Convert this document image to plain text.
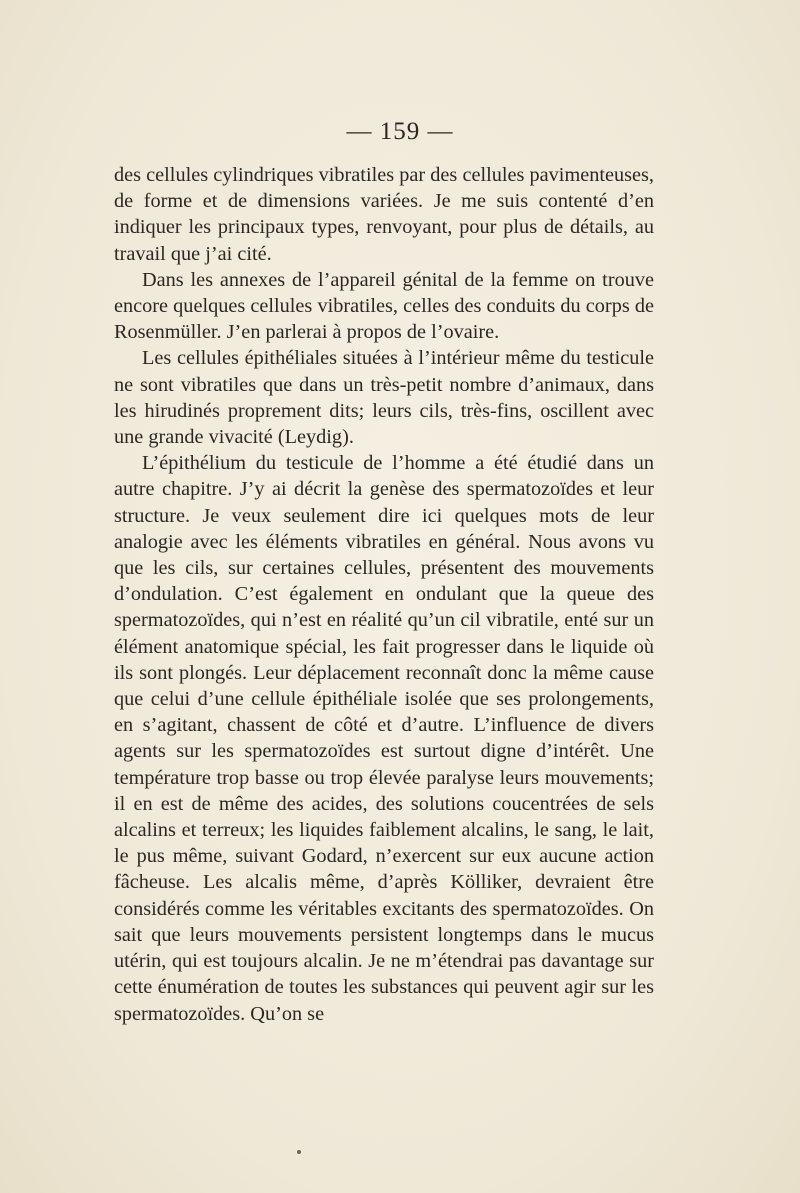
— 159 —

des cellules cylindriques vibratiles par des cellules pavimenteuses, de forme et de dimensions variées. Je me suis contenté d’en indiquer les principaux types, renvoyant, pour plus de détails, au travail que j’ai cité.

Dans les annexes de l’appareil génital de la femme on trouve encore quelques cellules vibratiles, celles des conduits du corps de Rosenmüller. J’en parlerai à propos de l’ovaire.

Les cellules épithéliales situées à l’intérieur même du testicule ne sont vibratiles que dans un très-petit nombre d’animaux, dans les hirudinés proprement dits; leurs cils, très-fins, oscillent avec une grande vivacité (Leydig).

L’épithélium du testicule de l’homme a été étudié dans un autre chapitre. J’y ai décrit la genèse des spermatozoïdes et leur structure. Je veux seulement dire ici quelques mots de leur analogie avec les éléments vibratiles en général. Nous avons vu que les cils, sur certaines cellules, présentent des mouvements d’ondulation. C’est également en ondulant que la queue des spermatozoïdes, qui n’est en réalité qu’un cil vibratile, enté sur un élément anatomique spécial, les fait progresser dans le liquide où ils sont plongés. Leur déplacement reconnaît donc la même cause que celui d’une cellule épithéliale isolée que ses prolongements, en s’agitant, chassent de côté et d’autre. L’influence de divers agents sur les spermatozoïdes est surtout digne d’intérêt. Une température trop basse ou trop élevée paralyse leurs mouvements; il en est de même des acides, des solutions coucentrées de sels alcalins et terreux; les liquides faiblement alcalins, le sang, le lait, le pus même, suivant Godard, n’exercent sur eux aucune action fâcheuse. Les alcalis même, d’après Kölliker, devraient être considérés comme les véritables excitants des spermatozoïdes. On sait que leurs mouvements persistent longtemps dans le mucus utérin, qui est toujours alcalin. Je ne m’étendrai pas davantage sur cette énumération de toutes les substances qui peuvent agir sur les spermatozoïdes. Qu’on se
